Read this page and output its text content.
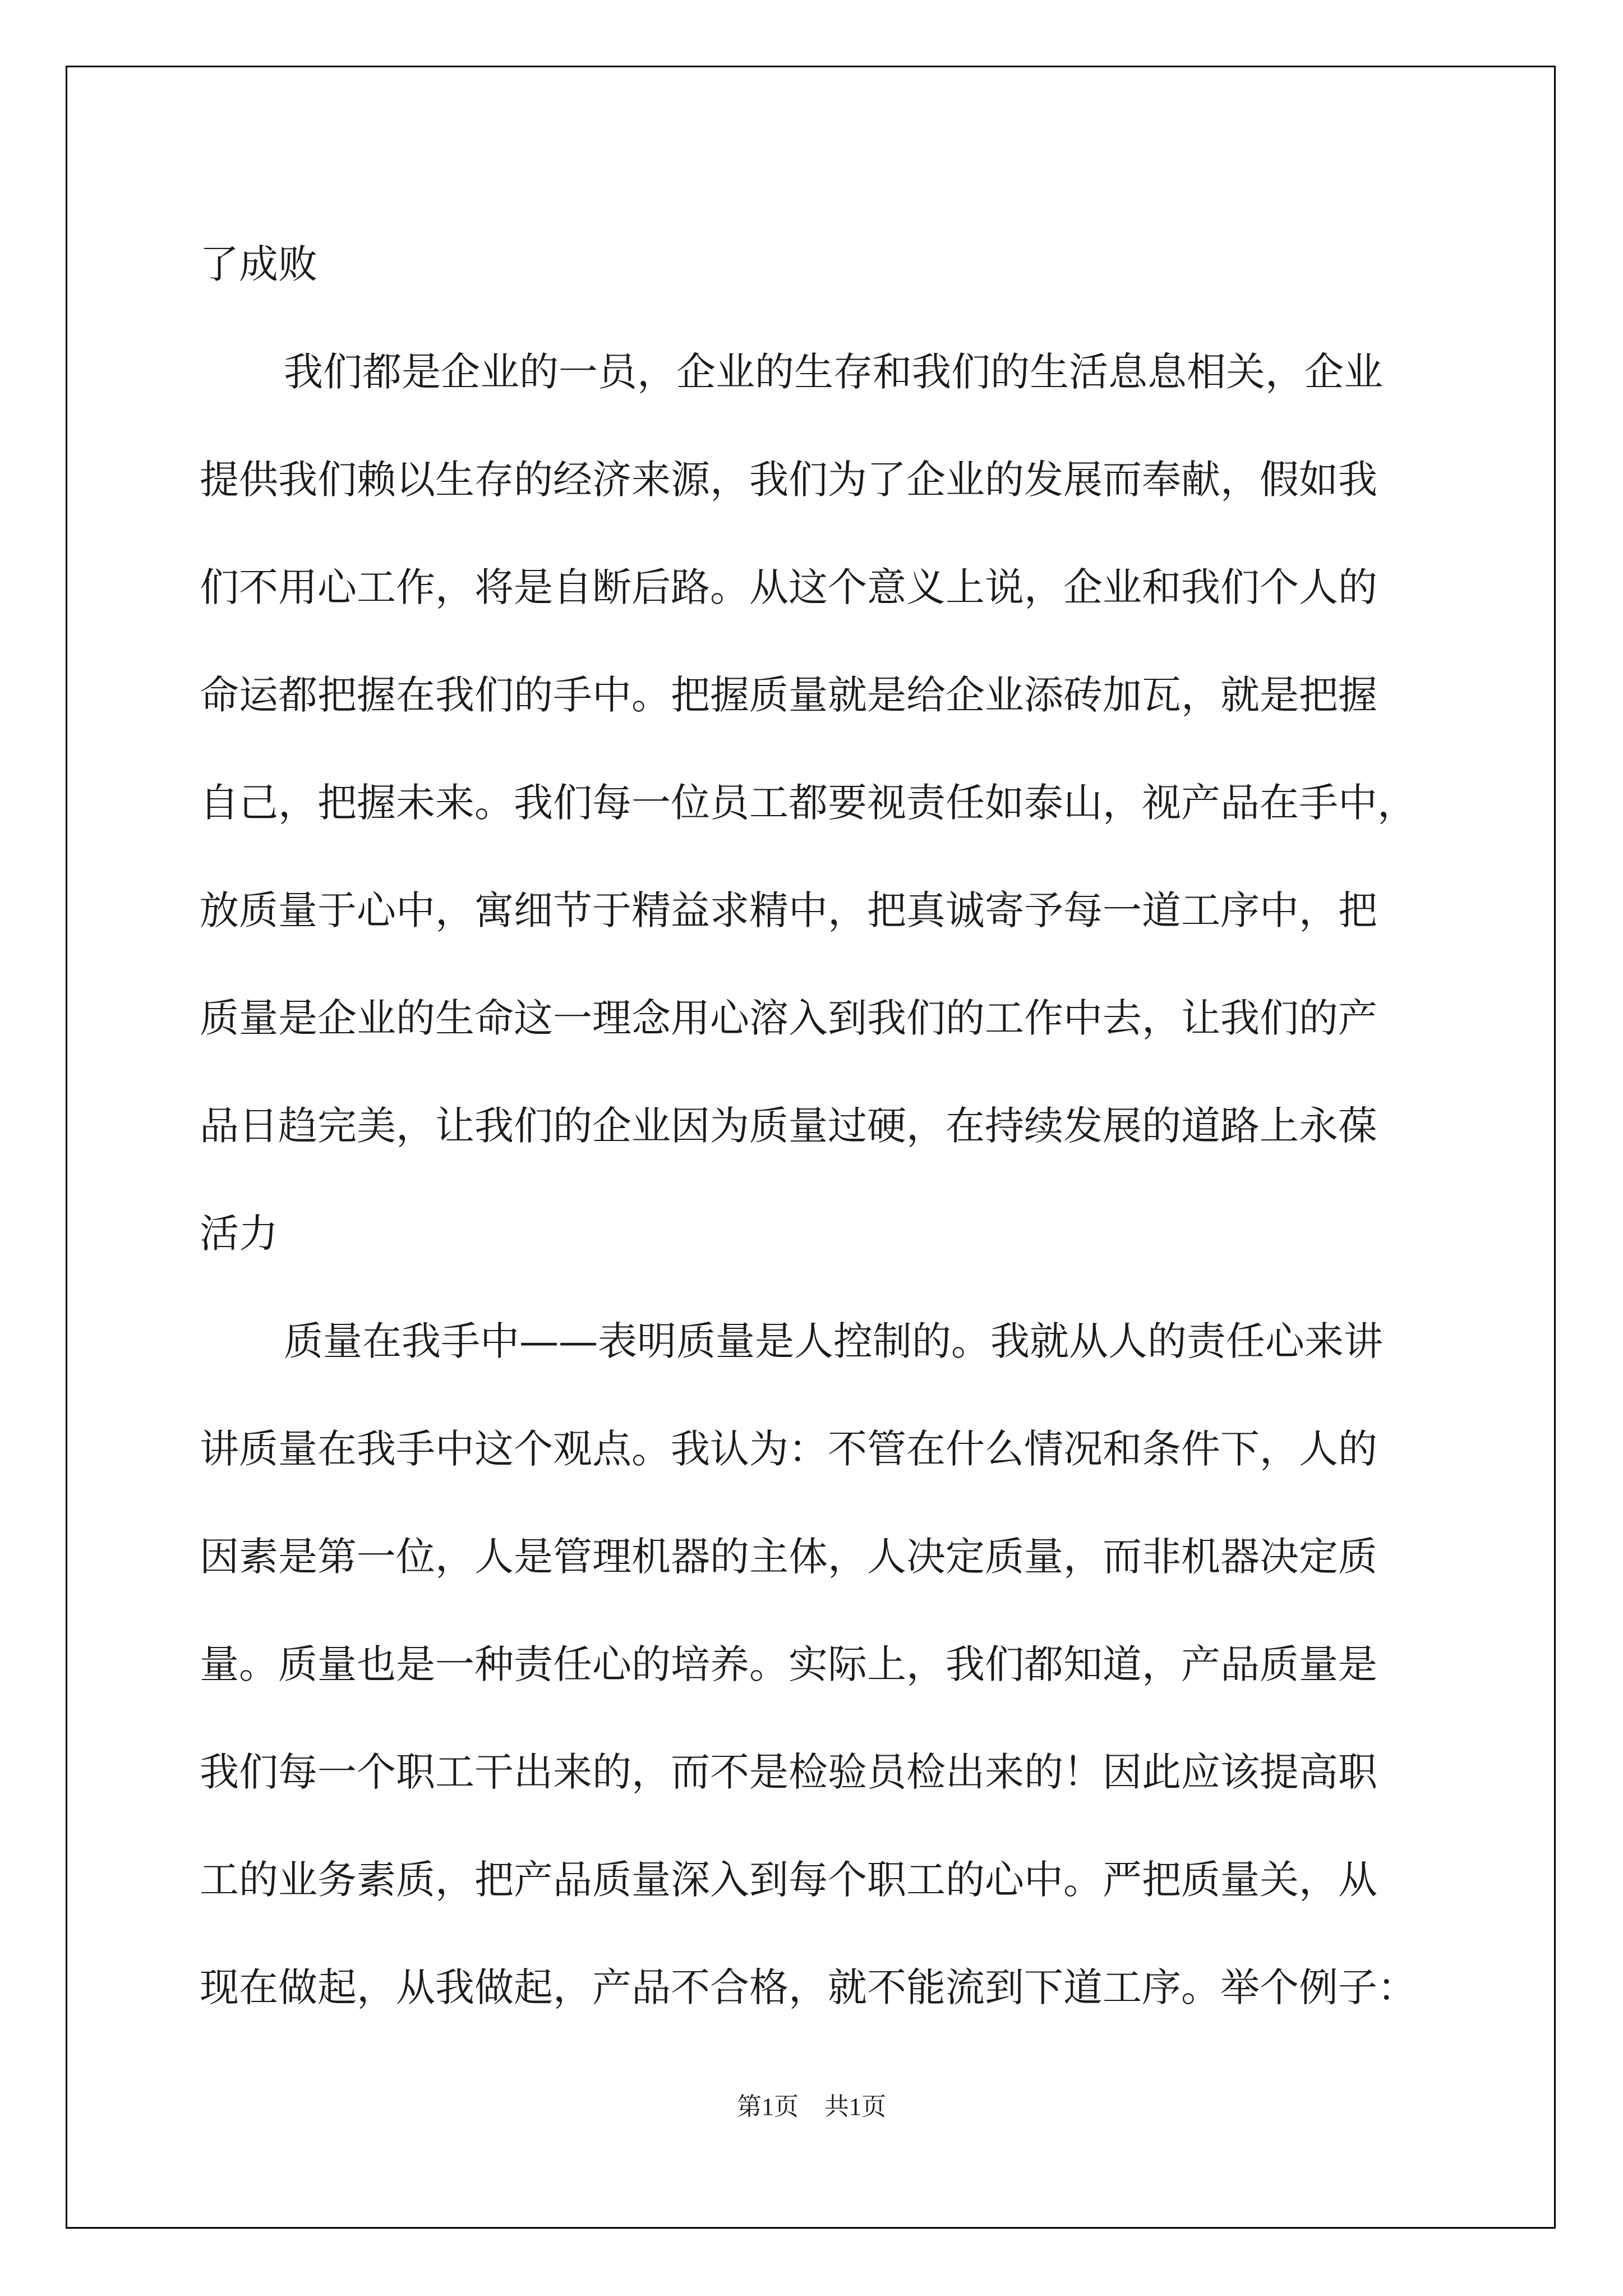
了成败
我们都是企业的一员，企业的生存和我们的生活息息相关，企业
提供我们赖以生存的经济来源，我们为了企业的发展而奉献，假如我
们不用心工作，将是自断后路。从这个意义上说，企业和我们个人的
命运都把握在我们的手中。把握质量就是给企业添砖加瓦，就是把握
自己，把握未来。我们每一位员工都要视责任如泰山，视产品在手中，
放质量于心中，寓细节于精益求精中，把真诚寄予每一道工序中，把
质量是企业的生命这一理念用心溶入到我们的工作中去，让我们的产
品日趋完美，让我们的企业因为质量过硬，在持续发展的道路上永葆
活力
质量在我手中——表明质量是人控制的。我就从人的责任心来讲
讲质量在我手中这个观点。我认为：不管在什么情况和条件下，人的
因素是第一位，人是管理机器的主体，人决定质量，而非机器决定质
量。质量也是一种责任心的培养。实际上，我们都知道，产品质量是
我们每一个职工干出来的，而不是检验员检出来的！因此应该提高职
工的业务素质，把产品质量深入到每个职工的心中。严把质量关，从
现在做起，从我做起，产品不合格，就不能流到下道工序。举个例子：
第1页 共1页
